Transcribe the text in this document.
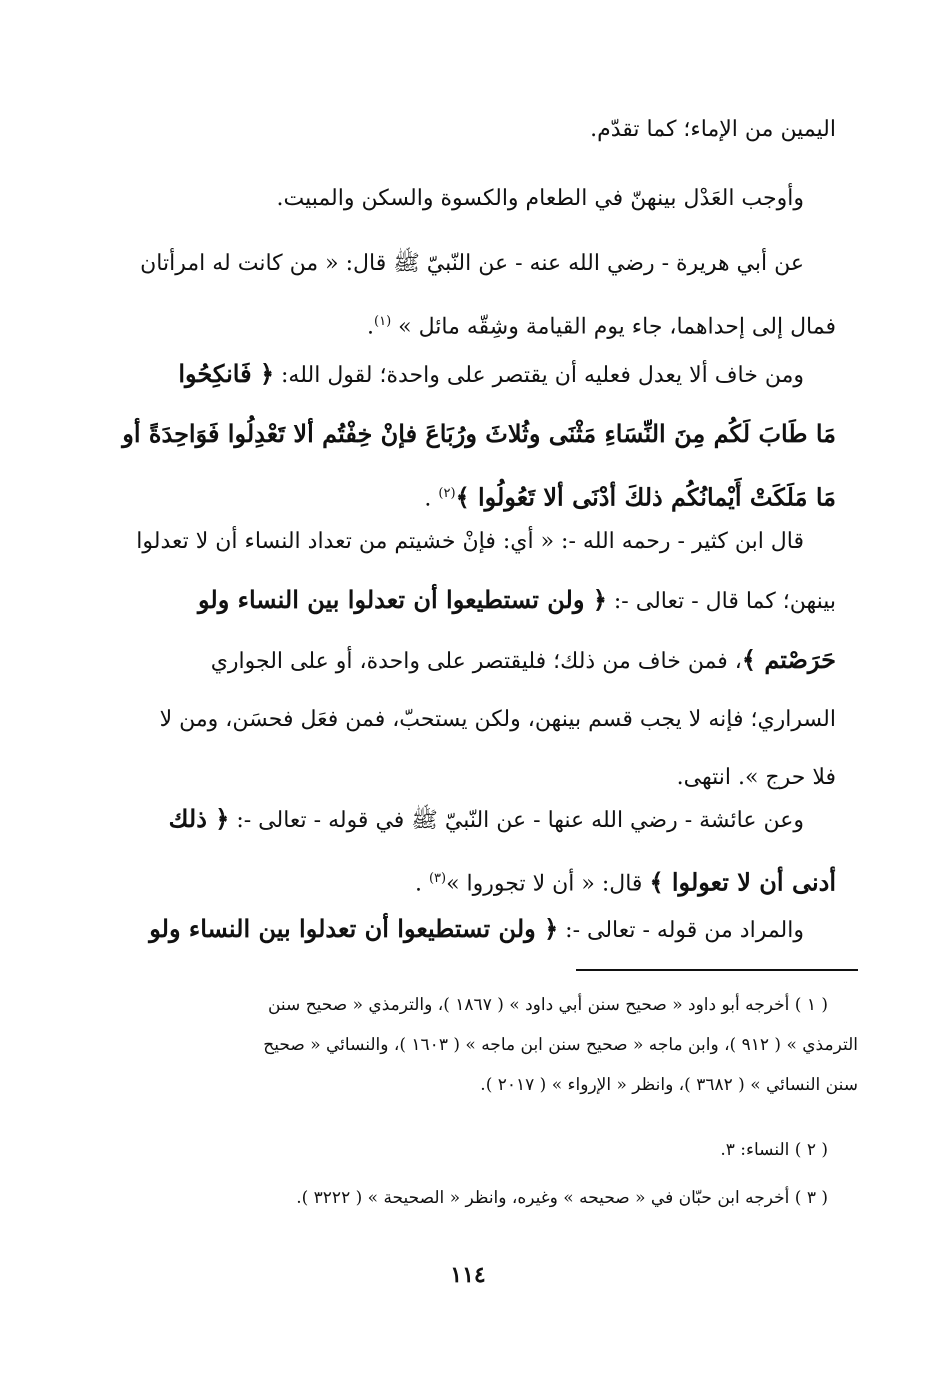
اليمين من الإماء؛ كما تقدّم.
وأوجب العَدْل بينهنّ في الطعام والكسوة والسكن والمبيت.
عن أبي هريرة - رضي الله عنه - عن النّبيّ ﷺ قال: « من كانت له امرأتان
فمال إلى إحداهما، جاء يوم القيامة وشِقّه مائل » $^{(١)}$.
ومن خاف ألا يعدل فعليه أن يقتصر على واحدة؛ لقول الله: ﴿ فَانكِحُوا
مَا طَابَ لَكُم مِنَ النِّسَاءِ مَثْنَى وثُلاثَ ورُبَاعَ فإنْ خِفْتُم ألا تَعْدِلُوا فَوَاحِدَةً أو
مَا مَلَكَتْ أَيْمانُكُم ذلكَ أدْنَى ألا تَعُولُوا ﴾$^{(٢)}$ .
قال ابن كثير - رحمه الله -: « أي: فإنْ خشيتم من تعداد النساء أن لا تعدلوا
بينهن؛ كما قال - تعالى -: ﴿ ولن تستطيعوا أن تعدلوا بين النساء ولو
حَرَصْتم ﴾، فمن خاف من ذلك؛ فليقتصر على واحدة، أو على الجواري
السراري؛ فإنه لا يجب قسم بينهن، ولكن يستحبّ، فمن فعَل فحسَن، ومن لا
فلا حرج ». انتهى.
وعن عائشة - رضي الله عنها - عن النّبيّ ﷺ في قوله - تعالى -: ﴿ ذلك
أدنى أن لا تعولوا ﴾ قال: « أن لا تجوروا »$^{(٣)}$ .
والمراد من قوله - تعالى -: ﴿ ولن تستطيعوا أن تعدلوا بين النساء ولو
( ١ ) أخرجه أبو داود « صحيح سنن أبي داود » ( ١٨٦٧ )، والترمذي « صحيح سنن
الترمذي » ( ٩١٢ )، وابن ماجه « صحيح سنن ابن ماجه » ( ١٦٠٣ )، والنسائي « صحيح
سنن النسائي » ( ٣٦٨٢ )، وانظر « الإرواء » ( ٢٠١٧ ).
( ٢ ) النساء: ٣.
( ٣ ) أخرجه ابن حبّان في « صحيحه » وغيره، وانظر « الصحيحة » ( ٣٢٢٢ ).
١١٤
